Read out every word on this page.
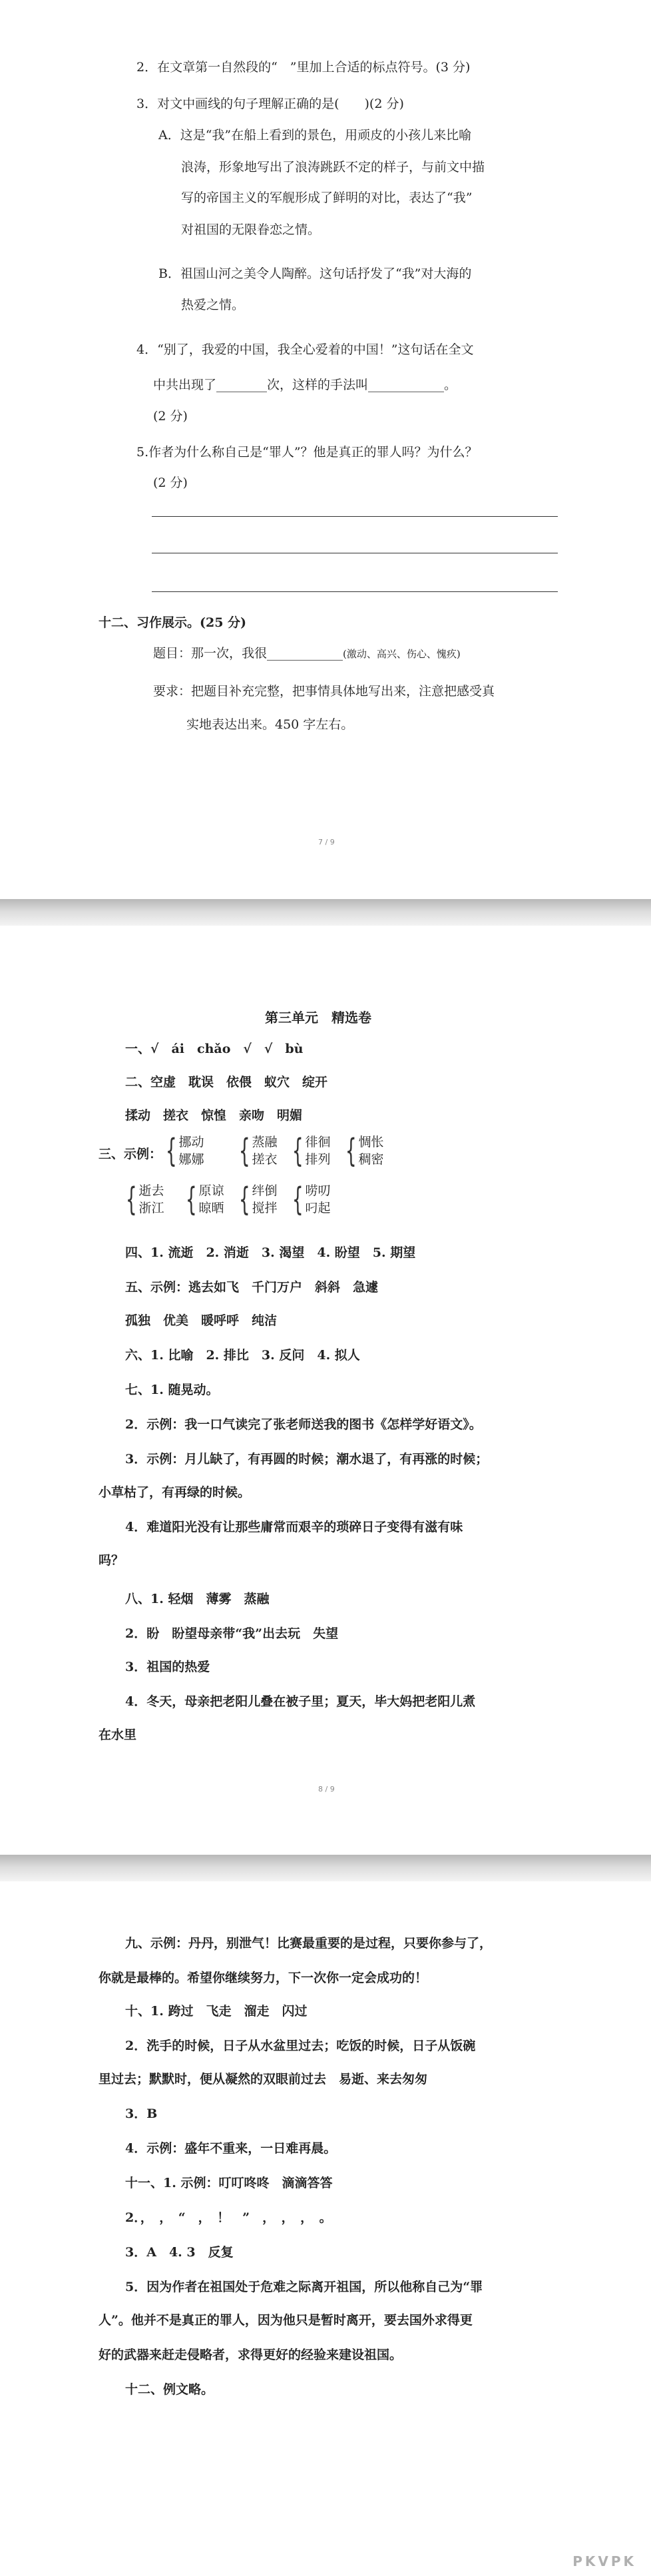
2．在文章第一自然段的“　”里加上合适的标点符号。(3 分)
3．对文中画线的句子理解正确的是(　　)(2 分)
A．这是“我”在船上看到的景色，用顽皮的小孩儿来比喻
浪涛，形象地写出了浪涛跳跃不定的样子，与前文中描
写的帝国主义的军舰形成了鲜明的对比，表达了“我”
对祖国的无限眷恋之情。
B．祖国山河之美令人陶醉。这句话抒发了“我”对大海的
热爱之情。
4．“别了，我爱的中国，我全心爱着的中国！”这句话在全文
中共出现了________次，这样的手法叫____________。
(2 分)
5.作者为什么称自己是“罪人”？他是真正的罪人吗？为什么？
(2 分)
十二、习作展示。(25 分)
题目：那一次，我很____________(激动、高兴、伤心、愧疚)
要求：把题目补充完整，把事情具体地写出来，注意把感受真
实地表达出来。450 字左右。
7 / 9
第三单元　精选卷
一、√　ái　chǎo　√　√　bù
二、空虚　耽误　依偎　蚁穴　绽开
揉动　搓衣　惊惶　亲吻　明媚
三、示例： { 挪动
娜娜 { 蒸融
搓衣 { 徘徊
排列 { 惆怅
稠密
{ 逝去
浙江 { 原谅
晾晒 { 绊倒
搅拌 { 唠叨
叼起
四、1. 流逝　2. 消逝　3. 渴望　4. 盼望　5. 期望
五、示例：逃去如飞　千门万户　斜斜　急遽
孤独　优美　暖呼呼　纯洁
六、1. 比喻　2. 排比　3. 反问　4. 拟人
七、1. 随晃动。
2．示例：我一口气读完了张老师送我的图书《怎样学好语文》。
3．示例：月儿缺了，有再圆的时候；潮水退了，有再涨的时候；
小草枯了，有再绿的时候。
4．难道阳光没有让那些庸常而艰辛的琐碎日子变得有滋有味
吗？
八、1. 轻烟　薄雾　蒸融
2．盼　盼望母亲带“我”出去玩　失望
3．祖国的热爱
4．冬天，母亲把老阳儿叠在被子里；夏天，毕大妈把老阳儿煮
在水里
8 / 9
九、示例：丹丹，别泄气！比赛最重要的是过程，只要你参与了，
你就是最棒的。希望你继续努力，下一次你一定会成功的！
十、1. 跨过　飞走　溜走　闪过
2．洗手的时候，日子从水盆里过去；吃饭的时候，日子从饭碗
里过去；默默时，便从凝然的双眼前过去　易逝、来去匆匆
3．B
4．示例：盛年不重来，一日难再晨。
十一、1. 示例：叮叮咚咚　滴滴答答
2．，　，　“　，　！　”　，　，　，　。
3．A　4. 3　反复
5．因为作者在祖国处于危难之际离开祖国，所以他称自己为“罪
人”。他并不是真正的罪人，因为他只是暂时离开，要去国外求得更
好的武器来赶走侵略者，求得更好的经验来建设祖国。
十二、例文略。
PKVPK
